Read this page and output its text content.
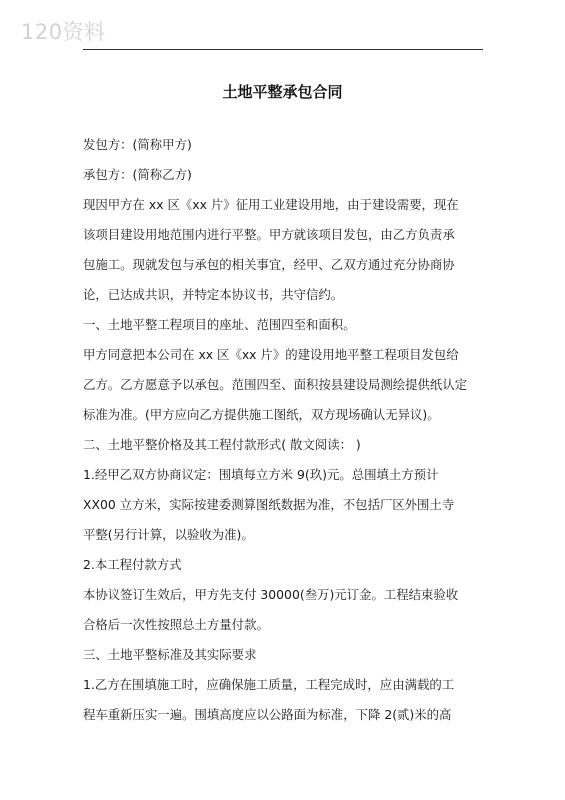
120资料
土地平整承包合同
发包方：(简称甲方)
承包方：(简称乙方)
现因甲方在 xx 区《xx 片》征用工业建设用地，由于建设需要，现在
该项目建设用地范围内进行平整。甲方就该项目发包，由乙方负责承
包施工。现就发包与承包的相关事宜，经甲、乙双方通过充分协商协
论，已达成共识，并特定本协议书，共守信约。
一、土地平整工程项目的座址、范围四至和面积。
甲方同意把本公司在 xx 区《xx 片》的建设用地平整工程项目发包给
乙方。乙方愿意予以承包。范围四至、面积按县建设局测绘提供纸认定
标准为准。(甲方应向乙方提供施工图纸，双方现场确认无异议)。
二、土地平整价格及其工程付款形式( 散文阅读： )
1.经甲乙双方协商议定：围填每立方米 9(玖)元。总围填土方预计
XX00 立方米，实际按建委测算图纸数据为准，不包括厂区外围土寺
平整(另行计算，以验收为准)。
2.本工程付款方式
本协议签订生效后，甲方先支付 30000(叁万)元订金。工程结束验收
合格后一次性按照总土方量付款。
三、土地平整标准及其实际要求
1.乙方在围填施工时，应确保施工质量，工程完成时，应由满载的工
程车重新压实一遍。围填高度应以公路面为标准，下降 2(贰)米的高
